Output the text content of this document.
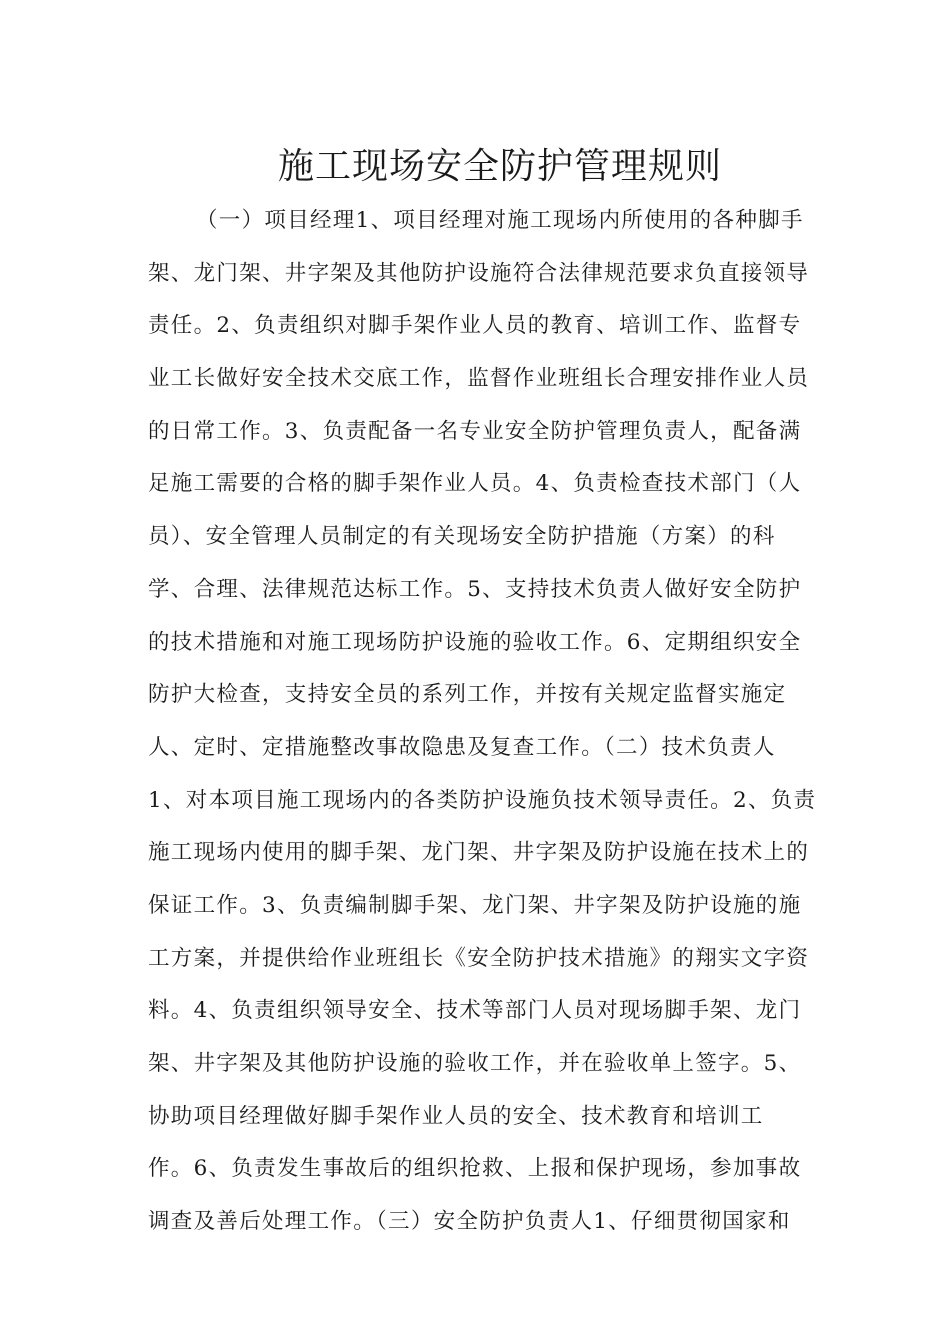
施工现场安全防护管理规则
（一）项目经理1、项目经理对施工现场内所使用的各种脚手
架、龙门架、井字架及其他防护设施符合法律规范要求负直接领导
责任。2、负责组织对脚手架作业人员的教育、培训工作、监督专
业工长做好安全技术交底工作，监督作业班组长合理安排作业人员
的日常工作。3、负责配备一名专业安全防护管理负责人，配备满
足施工需要的合格的脚手架作业人员。4、负责检查技术部门（人
员）、安全管理人员制定的有关现场安全防护措施（方案）的科
学、合理、法律规范达标工作。5、支持技术负责人做好安全防护
的技术措施和对施工现场防护设施的验收工作。6、定期组织安全
防护大检查，支持安全员的系列工作，并按有关规定监督实施定
人、定时、定措施整改事故隐患及复查工作。（二）技术负责人
1、对本项目施工现场内的各类防护设施负技术领导责任。2、负责
施工现场内使用的脚手架、龙门架、井字架及防护设施在技术上的
保证工作。3、负责编制脚手架、龙门架、井字架及防护设施的施
工方案，并提供给作业班组长《安全防护技术措施》的翔实文字资
料。4、负责组织领导安全、技术等部门人员对现场脚手架、龙门
架、井字架及其他防护设施的验收工作，并在验收单上签字。5、
协助项目经理做好脚手架作业人员的安全、技术教育和培训工
作。6、负责发生事故后的组织抢救、上报和保护现场，参加事故
调查及善后处理工作。（三）安全防护负责人1、仔细贯彻国家和
